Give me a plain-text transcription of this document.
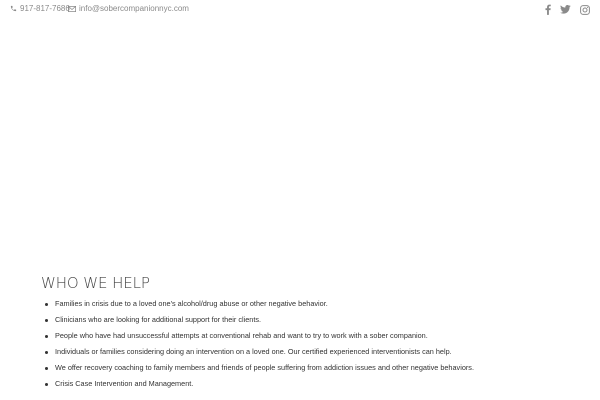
917-817-7686 info@sobercompanionnyc.com
WHO WE HELP
Families in crisis due to a loved one's alcohol/drug abuse or other negative behavior.
Clinicians who are looking for additional support for their clients.
People who have had unsuccessful attempts at conventional rehab and want to try to work with a sober companion.
Individuals or families considering doing an intervention on a loved one. Our certified experienced interventionists can help.
We offer recovery coaching to family members and friends of people suffering from addiction issues and other negative behaviors.
Crisis Case Intervention and Management.
